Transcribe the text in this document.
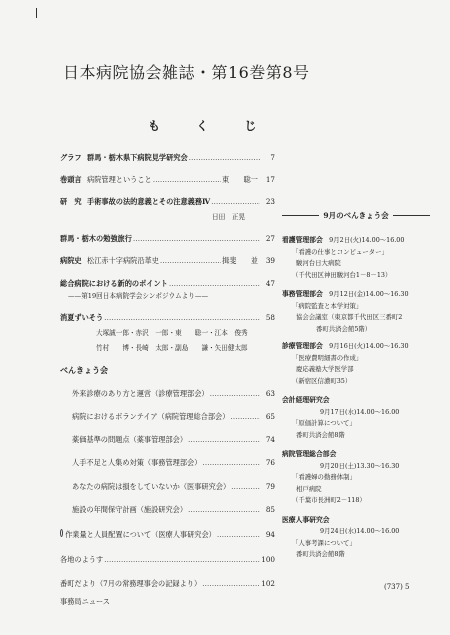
日本病院協会雑誌・第16巻第8号
も く じ
グラフ 群馬・栃木県下病院見学研究会 …………………………………………………………………………………………	7
巻頭言 病院管理ということ …………………………………………………………………………………………	東　　聡一	17
研　究 手術事故の法的意義とその注意義務Ⅳ …………………………………………………………………………………………	23
日田　正晃
群馬・栃木の勉強旅行 …………………………………………………………………………………………	27
病院史 松江赤十字病院沿革史 …………………………………………………………………………………………	揖斐　　並	39
総合病院における新的のポイント …………………………………………………………………………………………	47
——第19回日本病院学会シンポジウムより——
消夏ずいそう …………………………………………………………………………………………	58
大塚誠一郎・赤沢　一郎・東　　聡一・江本　俊秀
竹村　　博・長崎　太郎・副島　　謙・矢田健太郎
べんきょう会
外来診療のあり方と運営（診療管理部会） …………………………………………………………………………………………	63
病院におけるボランテイア（病院管理総合部会） …………………………………………………………………………………………	65
薬価基準の問題点（薬事管理部会） …………………………………………………………………………………………	74
人手不足と人集め対策（事務管理部会） …………………………………………………………………………………………	76
あなたの病院は損をしていないか（医事研究会） …………………………………………………………………………………………	79
施設の年間保守計画（施設研究会） …………………………………………………………………………………………	85
作業量と人員配置について（医療人事研究会） …………………………………………………………………………………………	94
各地のようす …………………………………………………………………………………………	100
番町だより（7月の常務理事会の記録より） …………………………………………………………………………………………	102
事務局ニュース
9月のべんきょう会
看護管理部会　 9月2日(火)14.00〜16.00
「看護の仕事とコンピューター」
駿河台日大病院
（千代田区神田駿河台1－8－13）
事務管理部会　 9月12日(金)14.00〜16.30
「病院監査と本学対策」
協会会議室（東京都千代田区三番町2
番町共済会館5階）
診療管理部会　 9月16日(火)14.00〜16.30
「医療費明細書の作成」
慶応義塾大学医学部
（新宿区信濃町35）
会計経理研究会
9月17日(水)14.00〜16.00
「原価計算について」
番町共済会館8階
病院管理総合部会
9月20日(土)13.30〜16.30
「看護婦の勤務体制」
相戸病院
（千葉市長洲町2－118）
医療人事研究会
9月24日(水)14.00〜16.00
「人事考課について」
番町共済会館8階
(737) 5
